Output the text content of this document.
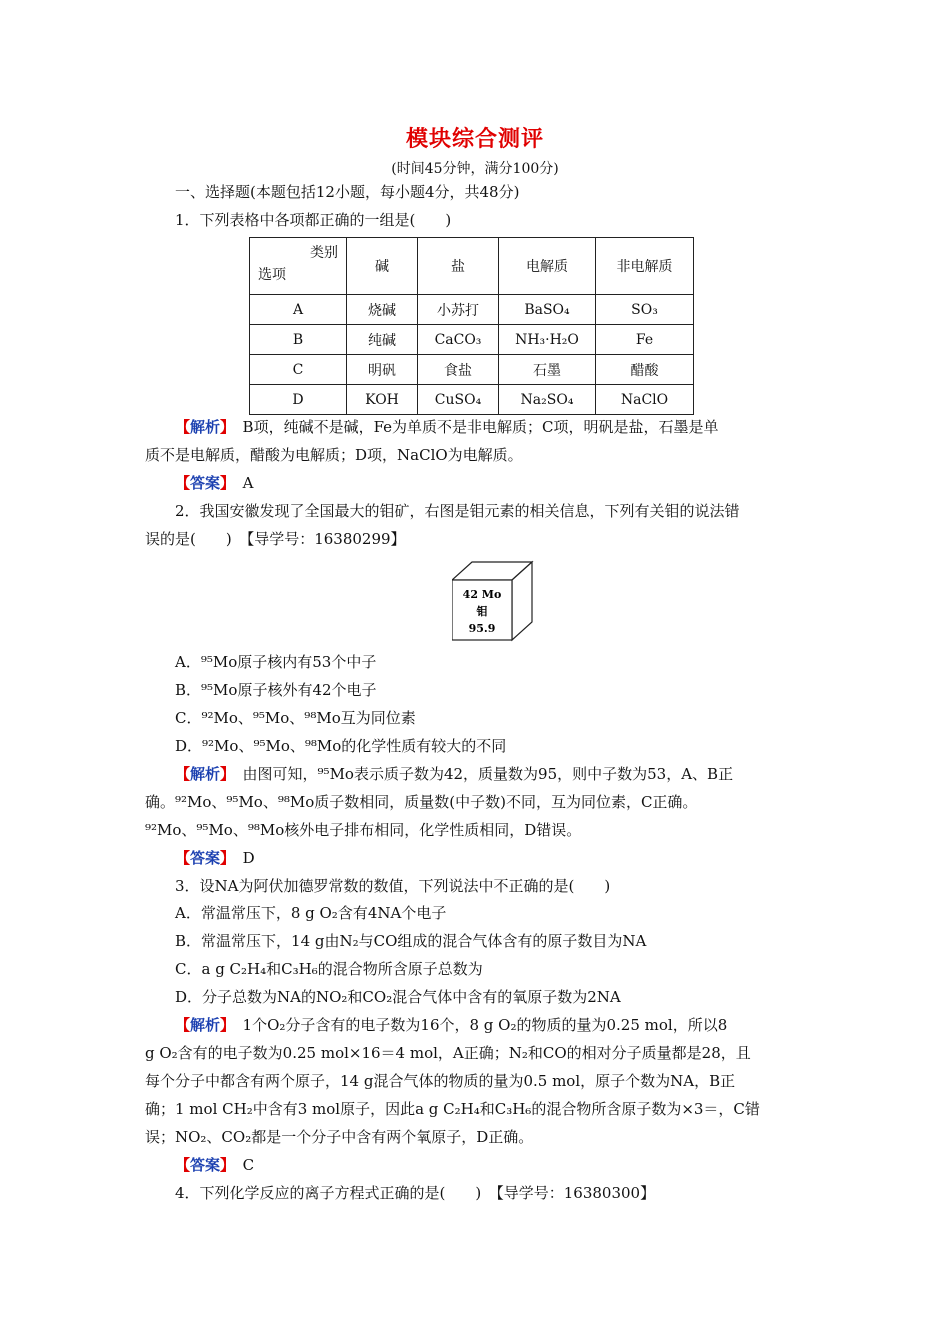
模块综合测评
(时间45分钟，满分100分)
一、选择题(本题包括12小题，每小题4分，共48分)
1．下列表格中各项都正确的一组是(　　)
类别
选项	碱	盐	电解质	非电解质
A	烧碱	小苏打	BaSO₄	SO₃
B	纯碱	CaCO₃	NH₃·H₂O	Fe
C	明矾	食盐	石墨	醋酸
D	KOH	CuSO₄	Na₂SO₄	NaClO
【解析】　B项，纯碱不是碱，Fe为单质不是非电解质；C项，明矾是盐，石墨是单
质不是电解质，醋酸为电解质；D项，NaClO为电解质。
【答案】　 A
2．我国安徽发现了全国最大的钼矿，右图是钼元素的相关信息，下列有关钼的说法错
误的是(　　)　【导学号：16380299】
42 Mo
钼
95.9
A．⁹⁵Mo原子核内有53个中子
B．⁹⁵Mo原子核外有42个电子
C．⁹²Mo、⁹⁵Mo、⁹⁸Mo互为同位素
D．⁹²Mo、⁹⁵Mo、⁹⁸Mo的化学性质有较大的不同
【解析】　由图可知，⁹⁵Mo表示质子数为42，质量数为95，则中子数为53，A、B正
确。⁹²Mo、⁹⁵Mo、⁹⁸Mo质子数相同，质量数(中子数)不同，互为同位素，C正确。
⁹²Mo、⁹⁵Mo、⁹⁸Mo核外电子排布相同，化学性质相同，D错误。
【答案】　 D
3．设NA为阿伏加德罗常数的数值，下列说法中不正确的是(　　)
A．常温常压下，8 g O₂含有4NA个电子
B．常温常压下，14 g由N₂与CO组成的混合气体含有的原子数目为NA
C．a g C₂H₄和C₃H₆的混合物所含原子总数为
D．分子总数为NA的NO₂和CO₂混合气体中含有的氧原子数为2NA
【解析】　1个O₂分子含有的电子数为16个，8 g O₂的物质的量为0.25 mol，所以8
g O₂含有的电子数为0.25 mol×16＝4 mol，A正确；N₂和CO的相对分子质量都是28，且
每个分子中都含有两个原子，14 g混合气体的物质的量为0.5 mol，原子个数为NA，B正
确；1 mol CH₂中含有3 mol原子，因此a g C₂H₄和C₃H₆的混合物所含原子数为×3＝，C错
误；NO₂、CO₂都是一个分子中含有两个氧原子，D正确。
【答案】　 C
4．下列化学反应的离子方程式正确的是(　　)　【导学号：16380300】
